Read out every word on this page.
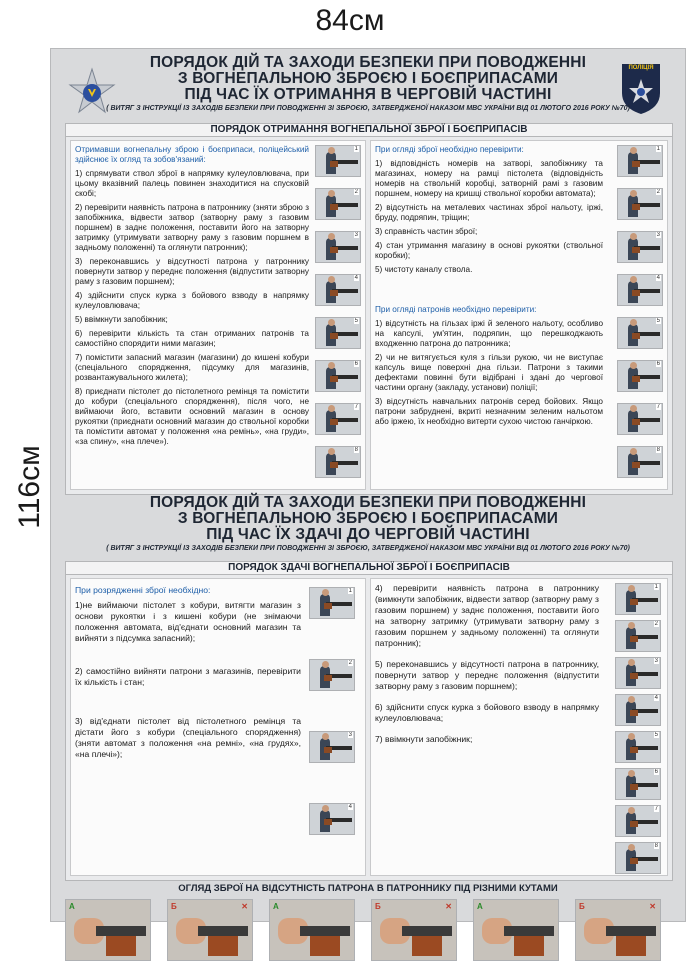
84см
116см
ПОЛІЦІЯ
ПОРЯДОК ДІЙ ТА ЗАХОДИ БЕЗПЕКИ ПРИ ПОВОДЖЕННІ
З ВОГНЕПАЛЬНОЮ ЗБРОЄЮ І БОЄПРИПАСАМИ
ПІД ЧАС ЇХ ОТРИМАННЯ В ЧЕРГОВІЙ ЧАСТИНІ
( ВИТЯГ З ІНСТРУКЦІЇ ІЗ ЗАХОДІВ БЕЗПЕКИ ПРИ ПОВОДЖЕННІ ЗІ ЗБРОЄЮ, ЗАТВЕРДЖЕНОЇ НАКАЗОМ МВС УКРАЇНИ ВІД 01 ЛЮТОГО 2016 РОКУ №70)
ПОРЯДОК ОТРИМАННЯ ВОГНЕПАЛЬНОЇ ЗБРОЇ І БОЄПРИПАСІВ
Отримавши вогнепальну зброю і боєприпаси, поліцейський здійснює їх огляд та зобов'язаний:
1) спрямувати ствол зброї в напрямку кулеуловлювача, при цьому вказівний палець повинен знаходитися на спусковій скобі;
2) перевірити наявність патрона в патроннику (зняти зброю з запобіжника, відвести затвор (затворну раму з газовим поршнем) в заднє положення, поставити його на затворну затримку (утримувати затворну раму з газовим поршнем в задньому положенні) та оглянути патронник);
3) переконавшись у відсутності патрона у патроннику повернути затвор у переднє положення (відпустити затворну раму з газовим поршнем);
4) здійснити спуск курка з бойового взводу в напрямку кулеуловлювача;
5) ввімкнути запобіжник;
6) перевірити кількість та стан отриманих патронів та самостійно спорядити ними магазин;
7) помістити запасний магазин (магазини) до кишені кобури (спеціального спорядження, підсумку для магазинів, розвантажувального жилета);
8) приєднати пістолет до пістолетного ремінця та помістити до кобури (спеціального спорядження), після чого, не виймаючи його, вставити основний магазин в основу рукоятки (приєднати основний магазин до ствольної коробки та помістити автомат у положення «на ремінь», «на груди», «за спину», «на плече»).
1
2
3
4
5
6
7
8
При огляді зброї необхідно перевірити:
1) відповідність номерів на затворі, запобіжнику та магазинах, номеру на рамці пістолета (відповідність номерів на ствольній коробці, затворній рамі з газовим поршнем, номеру на кришці ствольної коробки автомата);
2) відсутність на металевих частинах зброї нальоту, іржі, бруду, подряпин, тріщин;
3) справність частин зброї;
4) стан утримання магазину в основі рукоятки (ствольної коробки);
5) чистоту каналу ствола.
При огляді патронів необхідно перевірити:
1) відсутність на гільзах іржі й зеленого нальоту, особливо на капсулі, ум'ятин, подряпин, що перешкоджають входженню патрона до патронника;
2) чи не витягується куля з гільзи рукою, чи не виступає капсуль вище поверхні дна гільзи. Патрони з такими дефектами повинні бути відібрані і здані до чергової частини органу (закладу, установи) поліції;
3) відсутність навчальних патронів серед бойових. Якщо патрони забруднені, вкриті незначним зеленим нальотом або іржею, їх необхідно витерти сухою чистою ганчіркою.
1
2
3
4
5
6
7
8
ПОРЯДОК ДІЙ ТА ЗАХОДИ БЕЗПЕКИ ПРИ ПОВОДЖЕННІ
З ВОГНЕПАЛЬНОЮ ЗБРОЄЮ І БОЄПРИПАСАМИ
ПІД ЧАС ЇХ ЗДАЧІ ДО ЧЕРГОВІЙ ЧАСТИНІ
( ВИТЯГ З ІНСТРУКЦІЇ ІЗ ЗАХОДІВ БЕЗПЕКИ ПРИ ПОВОДЖЕННІ ЗІ ЗБРОЄЮ, ЗАТВЕРДЖЕНОЇ НАКАЗОМ МВС УКРАЇНИ ВІД 01 ЛЮТОГО 2016 РОКУ №70)
ПОРЯДОК ЗДАЧІ ВОГНЕПАЛЬНОЇ ЗБРОЇ І БОЄПРИПАСІВ
При розрядженні зброї необхідно:
1)не виймаючи пістолет з кобури, витягти магазин з основи рукоятки і з кишені кобури (не знімаючи положення автомата, від'єднати основний магазин та вийняти з підсумка запасний);
2) самостійно вийняти патрони з магазинів, перевірити їх кількість і стан;
3) від'єднати пістолет від пістолетного ремінця та дістати його з кобури (спеціального спорядження) (зняти автомат з положення «на ремні», «на грудях», «на плечі»);
1
2
3
4
4) перевірити наявність патрона в патроннику (вимкнути запобіжник, відвести затвор (затворну раму з газовим поршнем) у заднє положення, поставити його на затворну затримку (утримувати затворну раму з газовим поршнем у задньому положенні) та оглянути патронник);
5) переконавшись у відсутності патрона в патроннику, повернути затвор у переднє положення (відпустити затворну раму з газовим поршнем);
6) здійснити спуск курка з бойового взводу в напрямку кулеуловлювача;
7) ввімкнути запобіжник;
1
2
3
4
5
6
7
8
ОГЛЯД ЗБРОЇ НА ВІДСУТНІСТЬ ПАТРОНА В ПАТРОННИКУ ПІД РІЗНИМИ КУТАМИ
А	Б	✕	А	Б	✕	А	Б	✕
